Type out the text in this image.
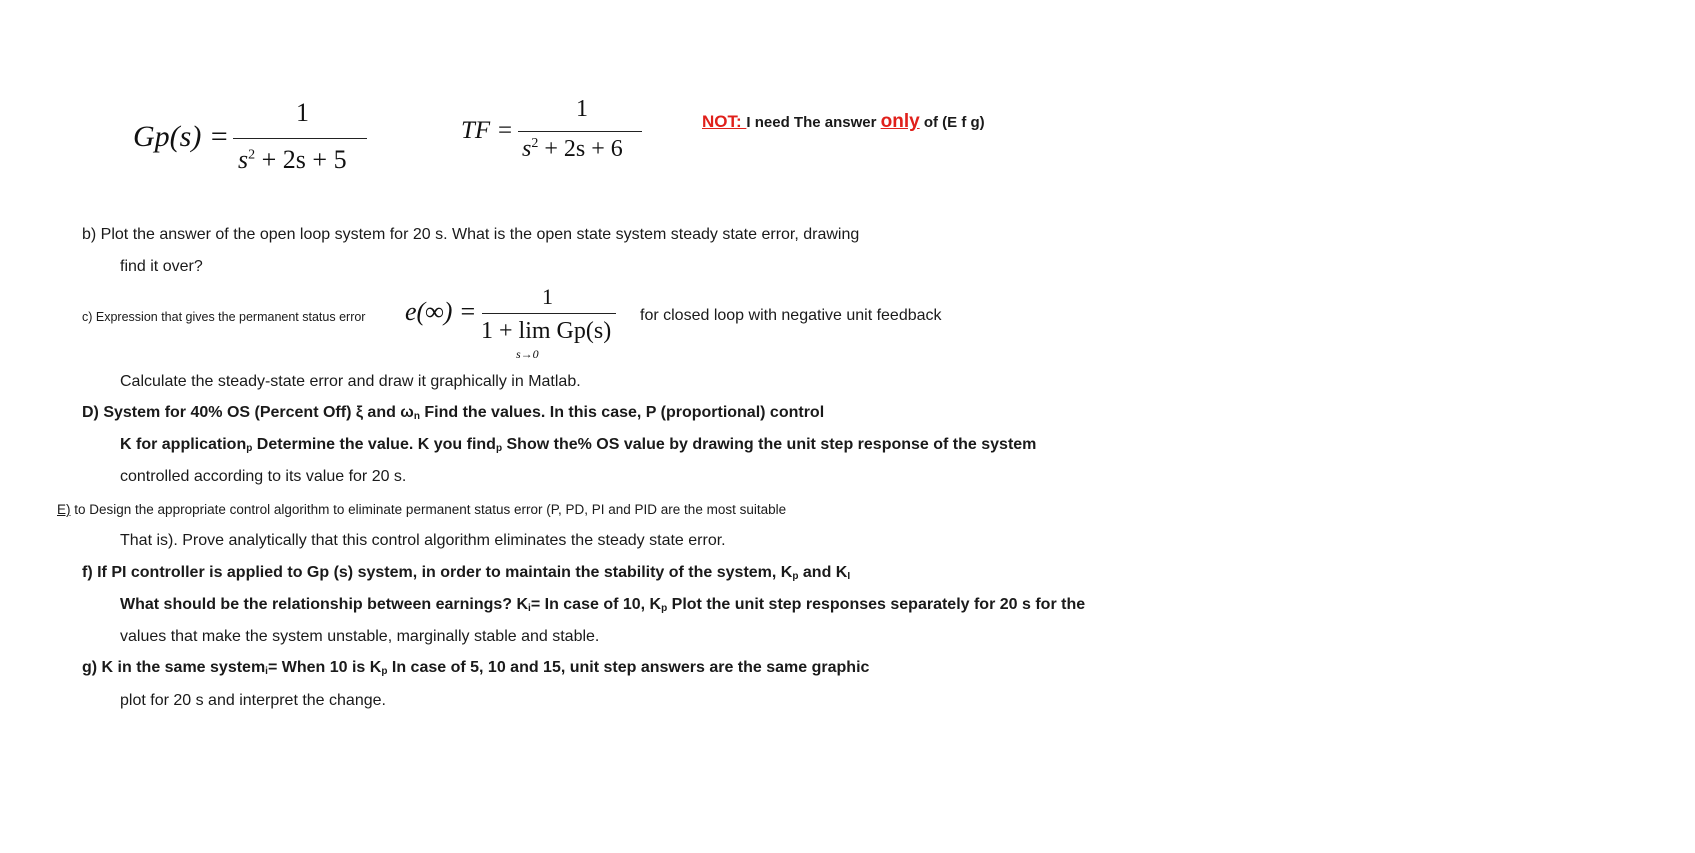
Gp(s) =
1
$s^2 + 2s + 5$
TF =
1
$s^2 + 2s + 6$
NOT: I need The answer only of (E f g)
b) Plot the answer of the open loop system for 20 s. What is the open state system steady state error, drawing
find it over?
c) Expression that gives the permanent status error e(∞) =
1
1 + lim Gp(s)
s→0
for closed loop with negative unit feedback
Calculate the steady-state error and draw it graphically in Matlab.
D) System for 40% OS (Percent Off) ξ and $\omega_n$ Find the values. In this case, P (proportional) control
K for application$_p$ Determine the value. K you find$_p$ Show the% OS value by drawing the unit step response of the system
controlled according to its value for 20 s.
E) to Design the appropriate control algorithm to eliminate permanent status error (P, PD, PI and PID are the most suitable
That is). Prove analytically that this control algorithm eliminates the steady state error.
f) If PI controller is applied to Gp (s) system, in order to maintain the stability of the system, $K_p$ and $K_I$
What should be the relationship between earnings? $K_i= In$ case of 10, $K_p$ Plot the unit step responses separately for 20 s for the
values that make the system unstable, marginally stable and stable.
g) K in the same system$_i$= When 10 is $K_p$ In case of 5, 10 and 15, unit step answers are the same graphic
plot for 20 s and interpret the change.
